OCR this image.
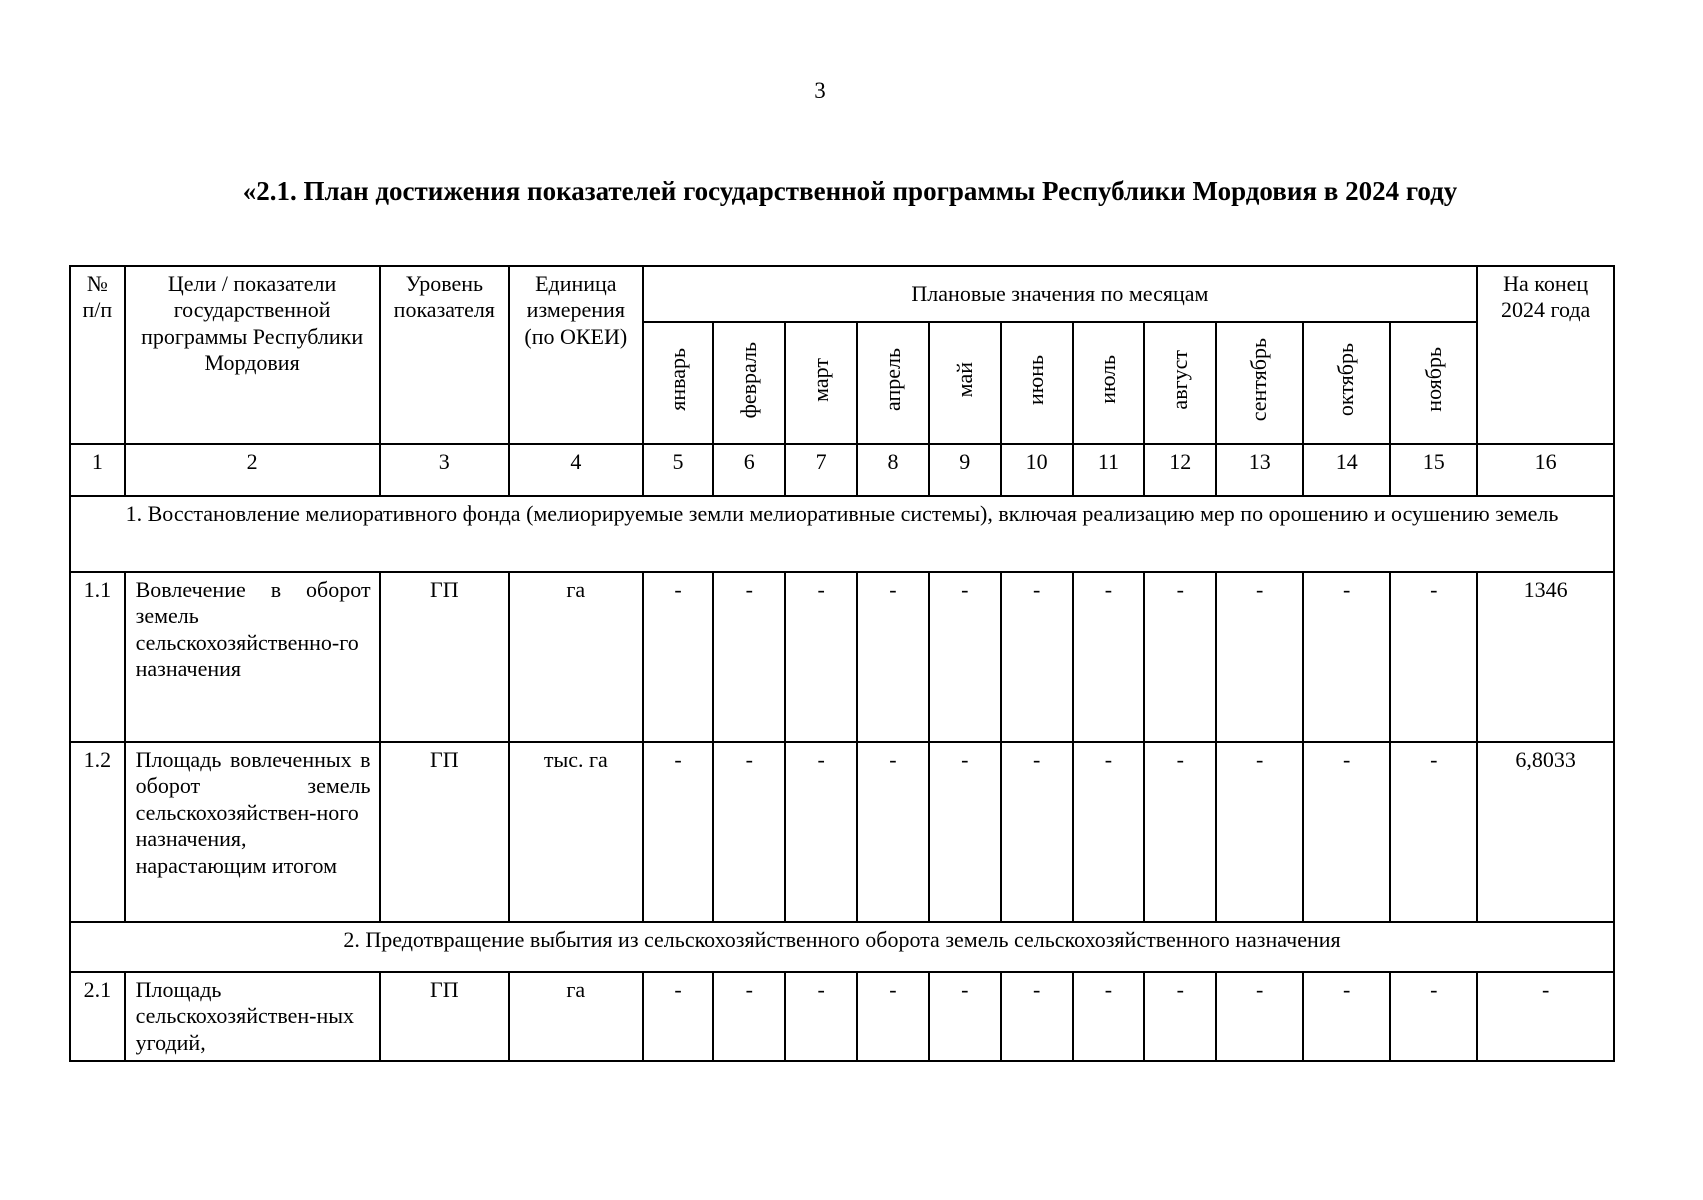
3
«2.1. План достижения показателей государственной программы Республики Мордовия в 2024 году
№ п/п	Цели / показатели государственной программы Республики Мордовия	Уровень показателя	Единица измерения (по ОКЕИ)	Плановые значения по месяцам											На конец 2024 года
				январь	февраль	март	апрель	май	июнь	июль	август	сентябрь	октябрь	ноябрь	
1	2	3	4	5	6	7	8	9	10	11	12	13	14	15	16
1. Восстановление мелиоративного фонда (мелиорируемые земли мелиоративные системы), включая реализацию мер по орошению и осушению земель															
1.1	Вовлечение в оборот земель сельскохозяйственно-го назначения	ГП	га	-	-	-	-	-	-	-	-	-	-	-	1346
1.2	Площадь вовлеченных в оборот земель сельскохозяйствен-ного назначения, нарастающим итогом	ГП	тыс. га	-	-	-	-	-	-	-	-	-	-	-	6,8033
2. Предотвращение выбытия из сельскохозяйственного оборота земель сельскохозяйственного назначения															
2.1	Площадь сельскохозяйствен-ных угодий,	ГП	га	-	-	-	-	-	-	-	-	-	-	-	-
